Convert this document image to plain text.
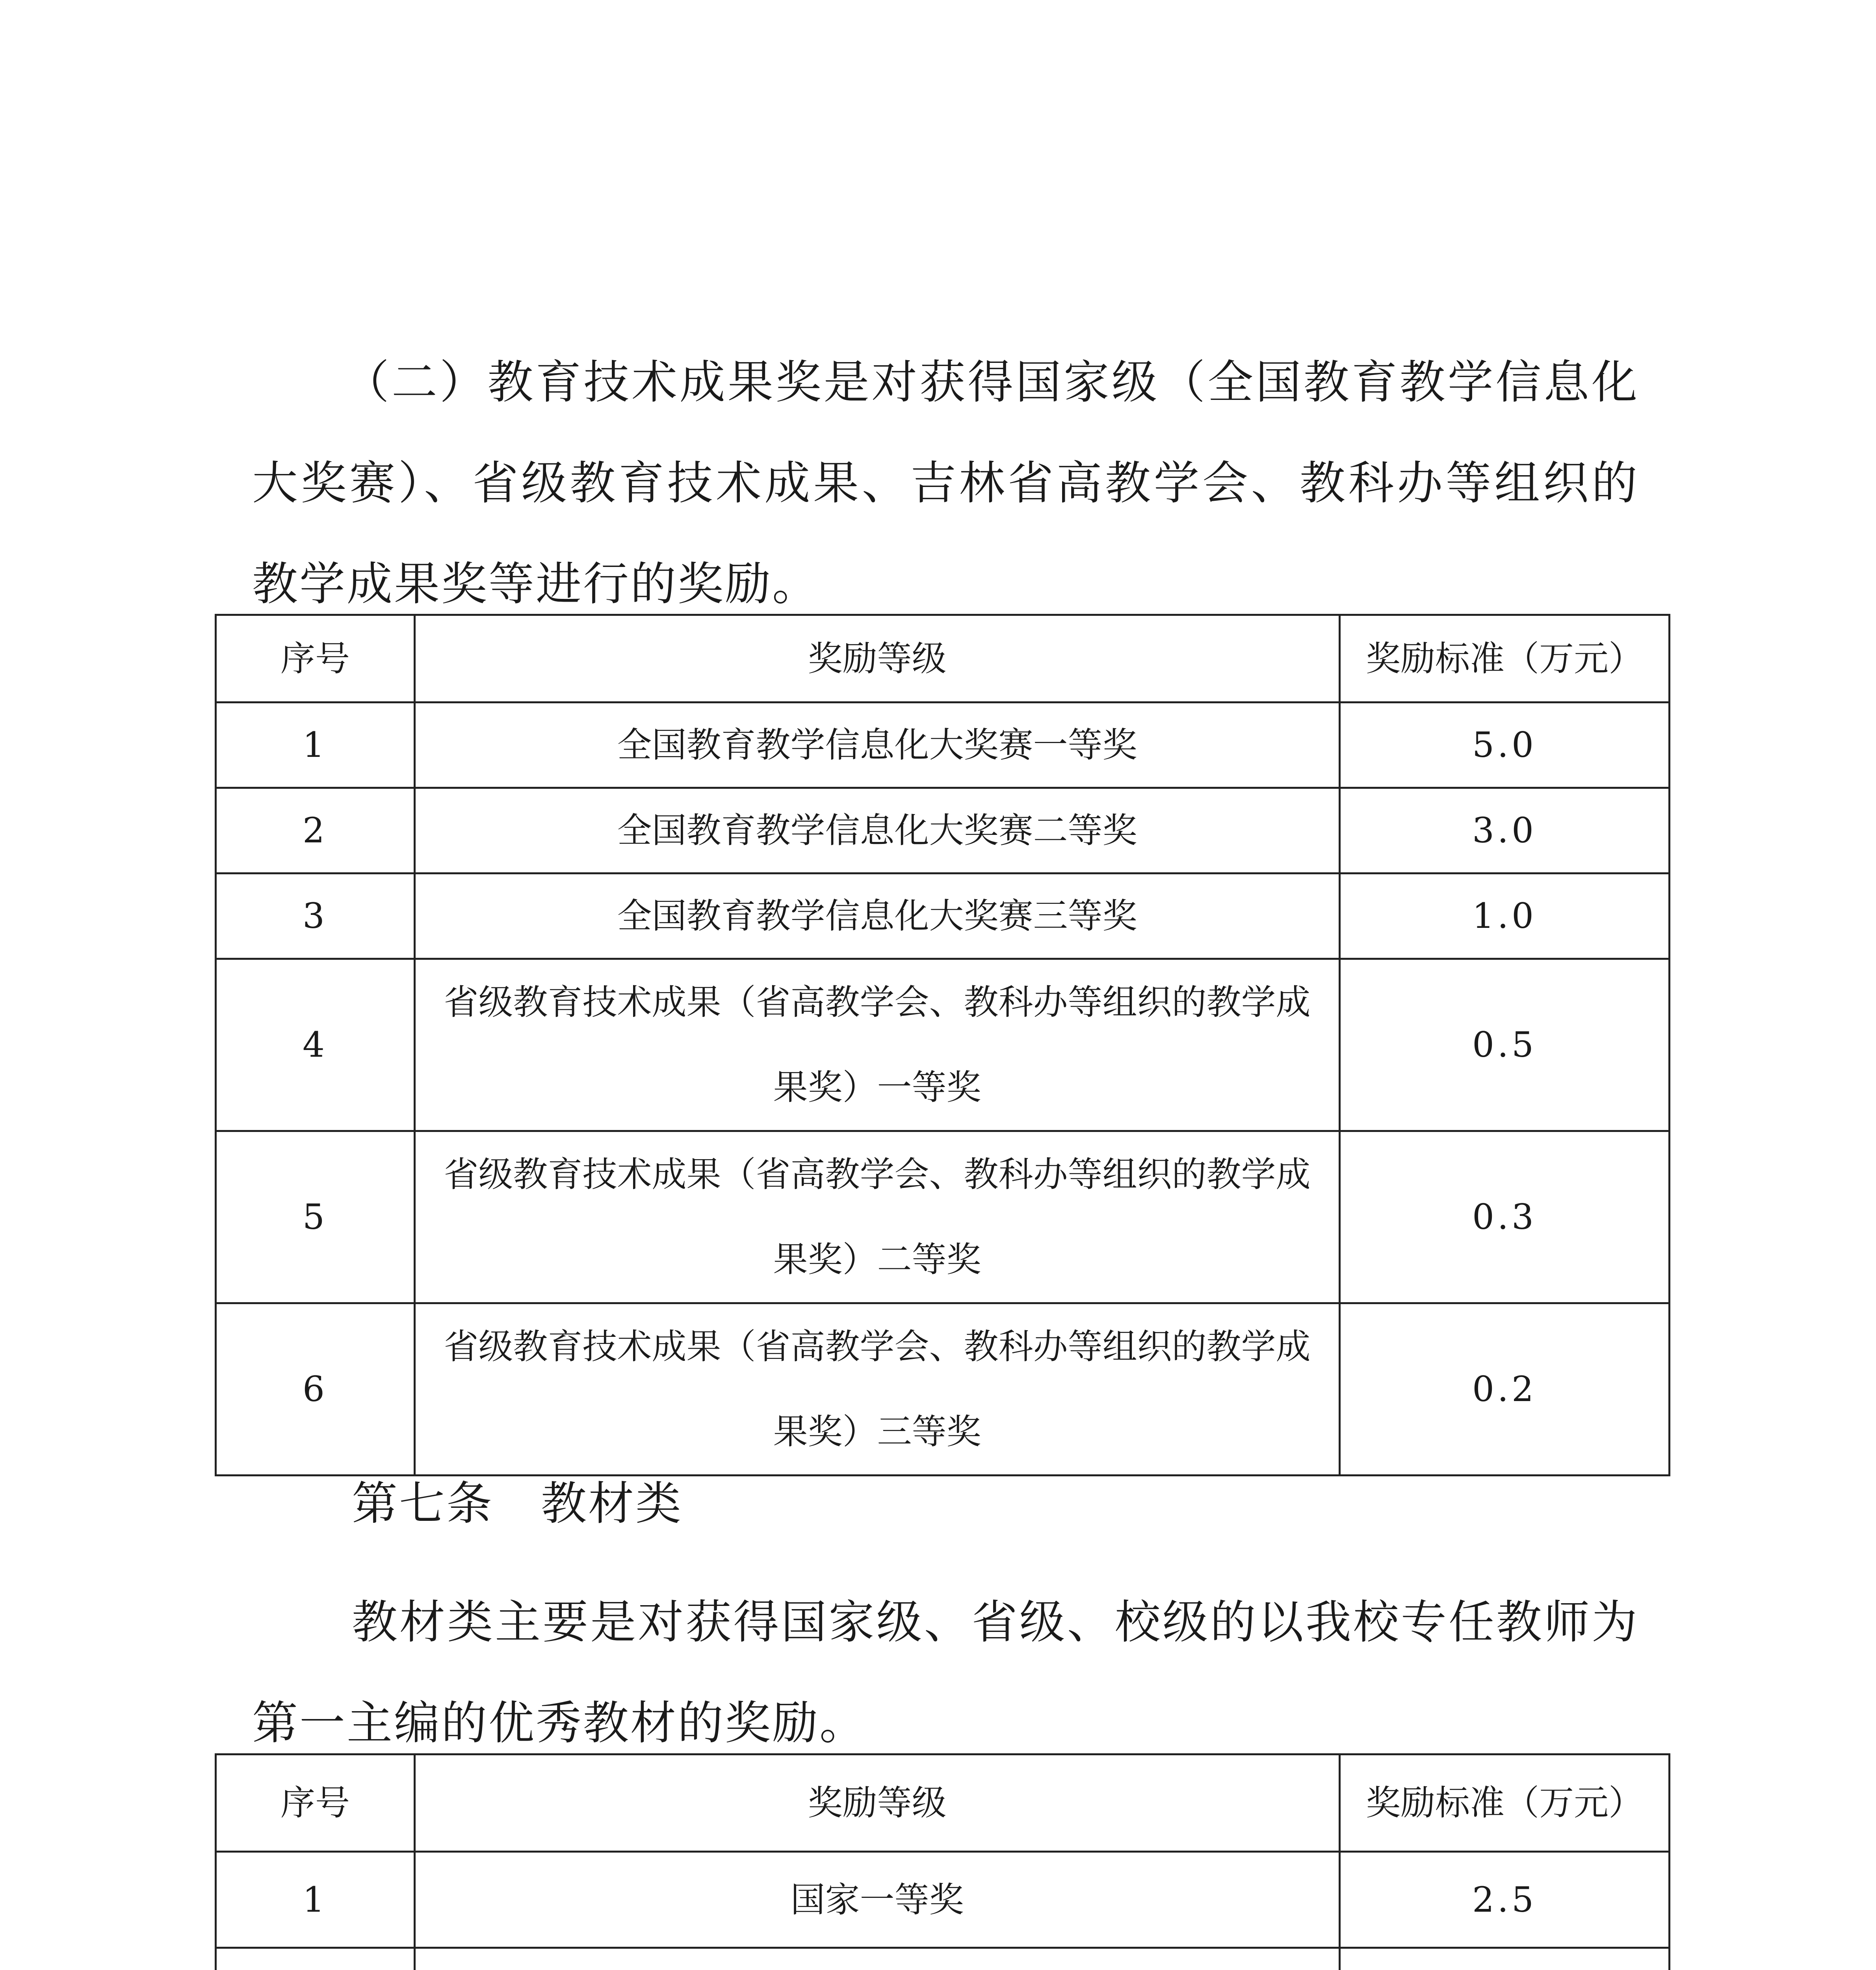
（二）教育技术成果奖是对获得国家级（全国教育教学信息化大奖赛）、省级教育技术成果、吉林省高教学会、教科办等组织的教学成果奖等进行的奖励。
序号	奖励等级	奖励标准（万元）
1	全国教育教学信息化大奖赛一等奖	5.0
2	全国教育教学信息化大奖赛二等奖	3.0
3	全国教育教学信息化大奖赛三等奖	1.0
4	省级教育技术成果（省高教学会、教科办等组织的教学成果奖）一等奖	0.5
5	省级教育技术成果（省高教学会、教科办等组织的教学成果奖）二等奖	0.3
6	省级教育技术成果（省高教学会、教科办等组织的教学成果奖）三等奖	0.2
第七条　教材类
教材类主要是对获得国家级、省级、校级的以我校专任教师为第一主编的优秀教材的奖励。
序号	奖励等级	奖励标准（万元）
1	国家一等奖	2.5
